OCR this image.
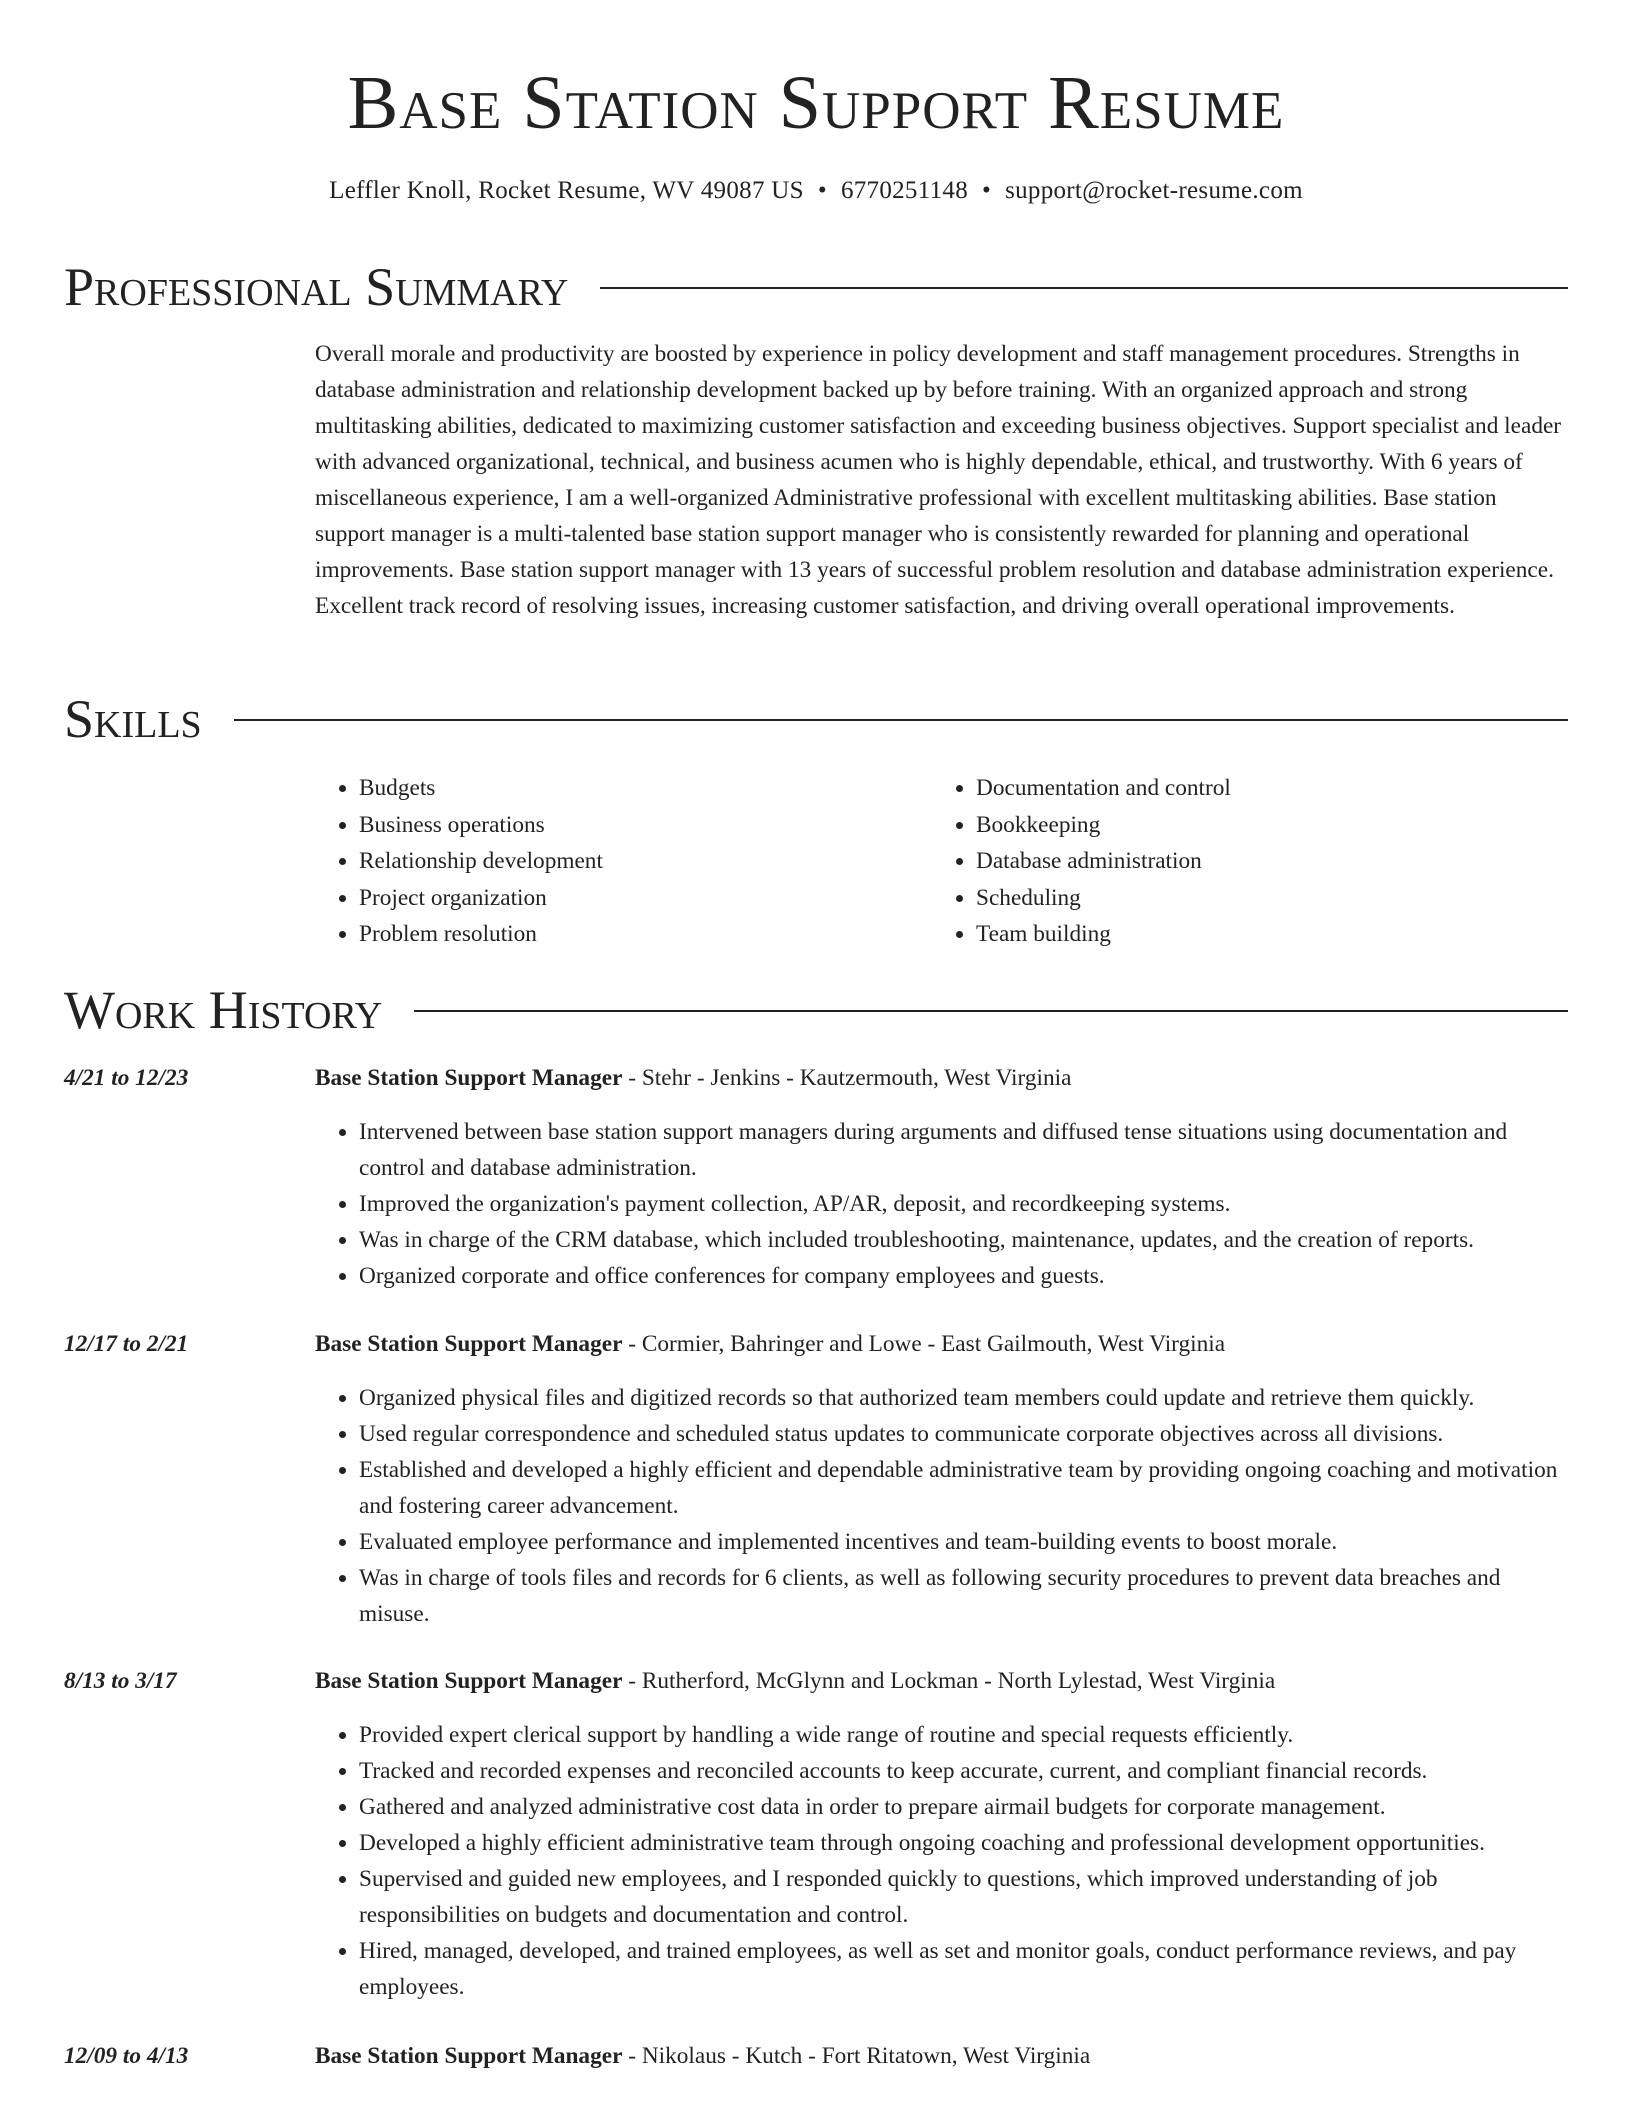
Base Station Support Resume
Leffler Knoll, Rocket Resume, WV 49087 US • 6770251148 • support@rocket-resume.com
Professional Summary

Overall morale and productivity are boosted by experience in policy development and staff management procedures. Strengths in database administration and relationship development backed up by before training. With an organized approach and strong multitasking abilities, dedicated to maximizing customer satisfaction and exceeding business objectives. Support specialist and leader with advanced organizational, technical, and business acumen who is highly dependable, ethical, and trustworthy. With 6 years of miscellaneous experience, I am a well-organized Administrative professional with excellent multitasking abilities. Base station support manager is a multi-talented base station support manager who is consistently rewarded for planning and operational improvements. Base station support manager with 13 years of successful problem resolution and database administration experience. Excellent track record of resolving issues, increasing customer satisfaction, and driving overall operational improvements.

Skills
• Budgets
• Business operations
• Relationship development
• Project organization
• Problem resolution
• Documentation and control
• Bookkeeping
• Database administration
• Scheduling
• Team building
Work History
4/21 to 12/23	Base Station Support Manager - Stehr - Jenkins - Kautzermouth, West Virginia
• Intervened between base station support managers during arguments and diffused tense situations using documentation and control and database administration.
• Improved the organization's payment collection, AP/AR, deposit, and recordkeeping systems.
• Was in charge of the CRM database, which included troubleshooting, maintenance, updates, and the creation of reports.
• Organized corporate and office conferences for company employees and guests.
12/17 to 2/21	Base Station Support Manager - Cormier, Bahringer and Lowe - East Gailmouth, West Virginia
• Organized physical files and digitized records so that authorized team members could update and retrieve them quickly.
• Used regular correspondence and scheduled status updates to communicate corporate objectives across all divisions.
• Established and developed a highly efficient and dependable administrative team by providing ongoing coaching and motivation and fostering career advancement.
• Evaluated employee performance and implemented incentives and team-building events to boost morale.
• Was in charge of tools files and records for 6 clients, as well as following security procedures to prevent data breaches and misuse.
8/13 to 3/17	Base Station Support Manager - Rutherford, McGlynn and Lockman - North Lylestad, West Virginia
• Provided expert clerical support by handling a wide range of routine and special requests efficiently.
• Tracked and recorded expenses and reconciled accounts to keep accurate, current, and compliant financial records.
• Gathered and analyzed administrative cost data in order to prepare airmail budgets for corporate management.
• Developed a highly efficient administrative team through ongoing coaching and professional development opportunities.
• Supervised and guided new employees, and I responded quickly to questions, which improved understanding of job responsibilities on budgets and documentation and control.
• Hired, managed, developed, and trained employees, as well as set and monitor goals, conduct performance reviews, and pay employees.
12/09 to 4/13	Base Station Support Manager - Nikolaus - Kutch - Fort Ritatown, West Virginia
